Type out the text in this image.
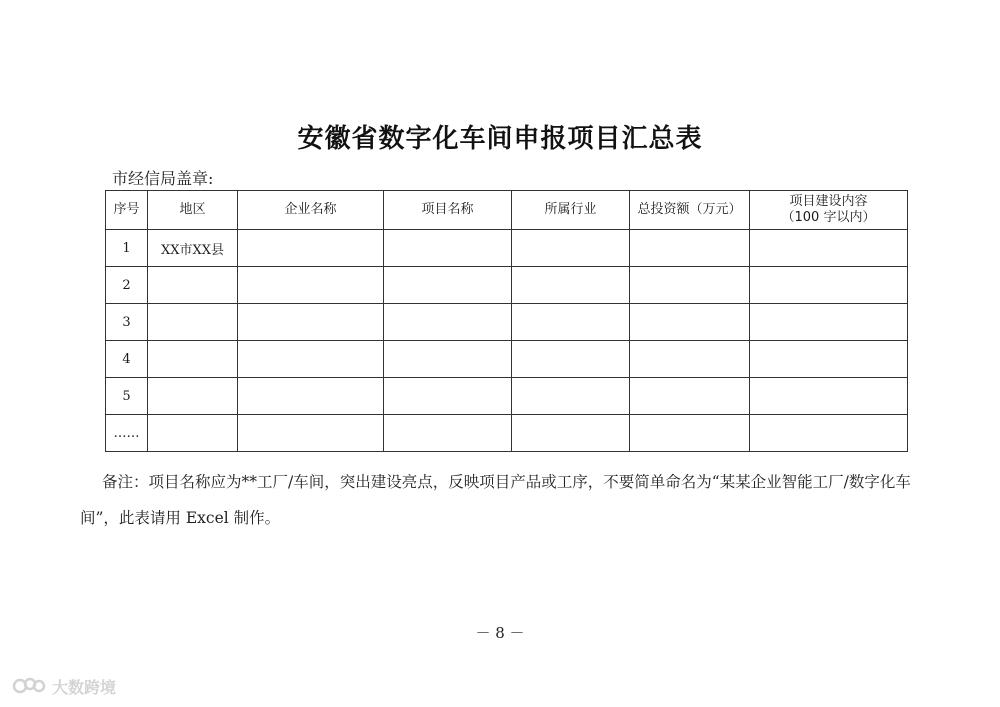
安徽省数字化车间申报项目汇总表
市经信局盖章:
序号	地区	企业名称	项目名称	所属行业	总投资额（万元）	项目建设内容
（100 字以内）

1	XX市XX县					
2						
3						
4						
5						
……						
备注：项目名称应为**工厂/车间，突出建设亮点，反映项目产品或工序，不要简单命名为“某某企业智能工厂/数字化车间”，此表请用 Excel 制作。
－ 8 －
大数跨境
